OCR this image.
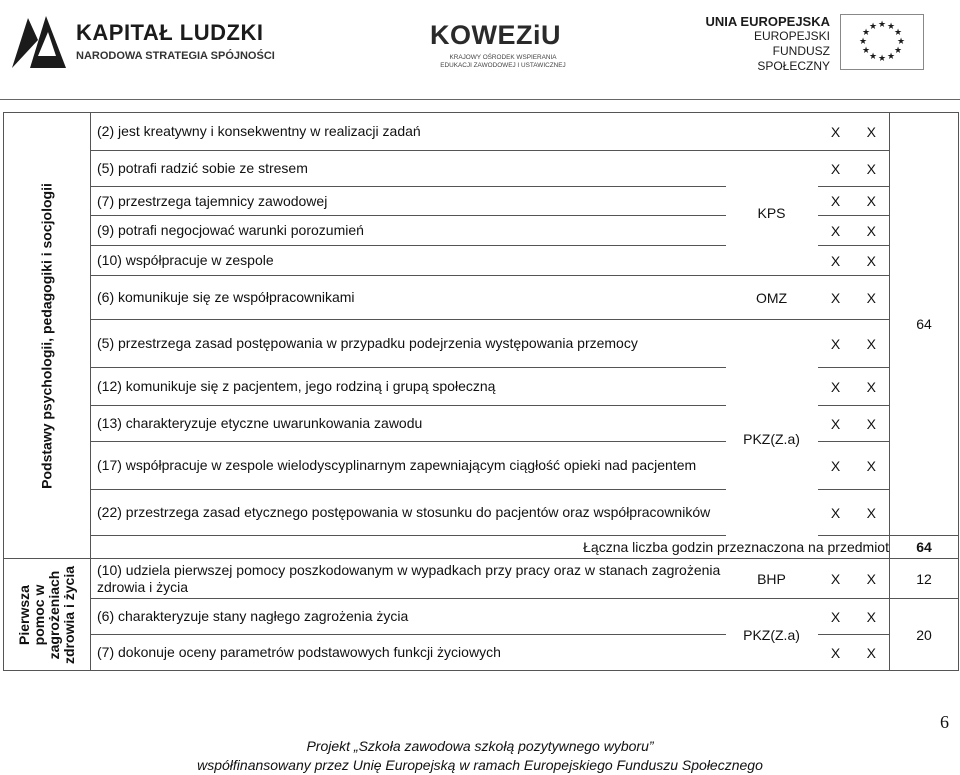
KAPITAŁ LUDZKI
NARODOWA STRATEGIA SPÓJNOŚCI
KOWEZiU
KRAJOWY OŚRODEK WSPIERANIA EDUKACJI ZAWODOWEJ I USTAWICZNEJ
UNIA EUROPEJSKA
EUROPEJSKI
FUNDUSZ SPOŁECZNY
★ ★
★
★
★
★
★
★
★
★
★
★
Podstawy psychologii, pedagogiki i socjologii	(2) jest kreatywny i konsekwentny w realizacji zadań		X	X	64
	(5) potrafi radzić sobie ze stresem	KPS	X	X	
	(7) przestrzega tajemnicy zawodowej		X	X	
	(9) potrafi negocjować warunki porozumień		X	X	
	(10) współpracuje w zespole		X	X	
	(6) komunikuje się ze współpracownikami	OMZ	X	X	
	(5) przestrzega zasad postępowania w przypadku podejrzenia występowania przemocy	PKZ(Z.a)	X	X	
	(12) komunikuje się z pacjentem, jego rodziną i grupą społeczną		X	X	
	(13) charakteryzuje etyczne uwarunkowania zawodu		X	X	
	(17) współpracuje w zespole wielodyscyplinarnym zapewniającym ciągłość opieki nad pacjentem		X	X	
	(22) przestrzega zasad etycznego postępowania w stosunku do pacjentów oraz współpracowników		X	X	
	Łączna liczba godzin przeznaczona na przedmiot				64

Pierwsza pomoc w zagrożeniach zdrowia i życia	(10) udziela pierwszej pomocy poszkodowanym w wypadkach przy pracy oraz w stanach zagrożenia zdrowia i życia	BHP	X	X	12
	(6) charakteryzuje stany nagłego zagrożenia życia	PKZ(Z.a)	X	X	20
	(7) dokonuje oceny parametrów podstawowych funkcji życiowych		X	X	
6
Projekt „Szkoła zawodowa szkołą pozytywnego wyboru”
współfinansowany przez Unię Europejską w ramach Europejskiego Funduszu Społecznego
